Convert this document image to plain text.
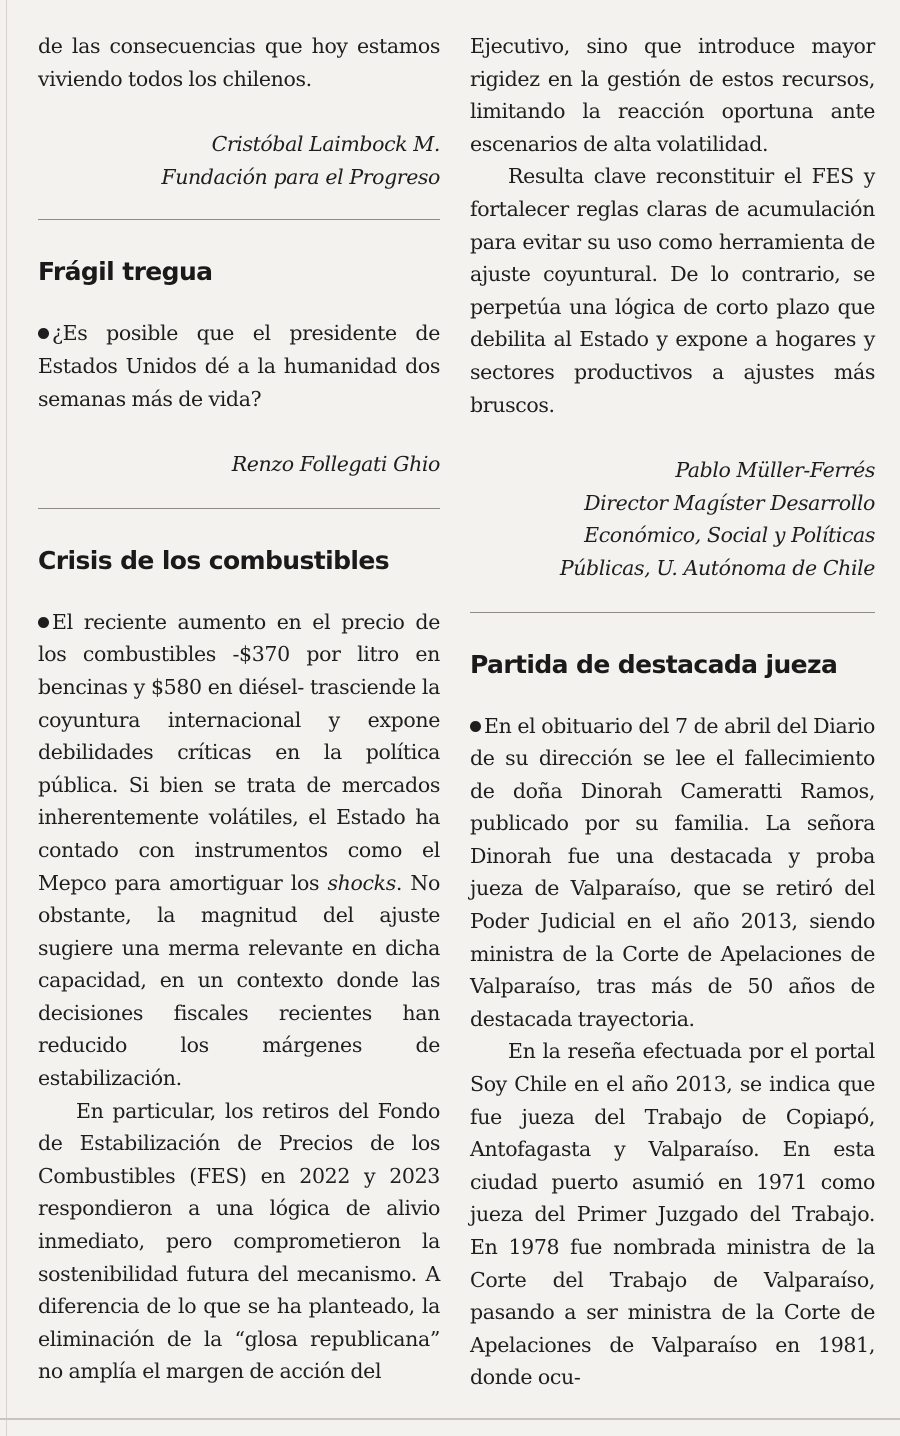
de las consecuencias que hoy estamos viviendo todos los chilenos.

Cristóbal Laimbock M.

Fundación para el Progreso

Frágil tregua

¿Es posible que el presidente de Estados Unidos dé a la humanidad dos semanas más de vida?

Renzo Follegati Ghio

Crisis de los combustibles

El reciente aumento en el precio de los combustibles -$370 por litro en bencinas y $580 en diésel- trasciende la coyuntura internacional y expone debilidades críticas en la política pública. Si bien se trata de mercados inherentemente volátiles, el Estado ha contado con instrumentos como el Mepco para amortiguar los shocks. No obstante, la magnitud del ajuste sugiere una merma relevante en dicha capacidad, en un contexto donde las decisiones fiscales recientes han reducido los márgenes de estabilización.

En particular, los retiros del Fondo de Estabilización de Precios de los Combustibles (FES) en 2022 y 2023 respondieron a una lógica de alivio inmediato, pero comprometieron la sostenibilidad futura del mecanismo. A diferencia de lo que se ha planteado, la eliminación de la “glosa republicana” no amplía el margen de acción del

Ejecutivo, sino que introduce mayor rigidez en la gestión de estos recursos, limitando la reacción oportuna ante escenarios de alta volatilidad.

Resulta clave reconstituir el FES y fortalecer reglas claras de acumulación para evitar su uso como herramienta de ajuste coyuntural. De lo contrario, se perpetúa una lógica de corto plazo que debilita al Estado y expone a hogares y sectores productivos a ajustes más bruscos.

Pablo Müller-Ferrés

Director Magíster Desarrollo

Económico, Social y Políticas

Públicas, U. Autónoma de Chile

Partida de destacada jueza

En el obituario del 7 de abril del Diario de su dirección se lee el fallecimiento de doña Dinorah Cameratti Ramos, publicado por su familia. La señora Dinorah fue una destacada y proba jueza de Valparaíso, que se retiró del Poder Judicial en el año 2013, siendo ministra de la Corte de Apelaciones de Valparaíso, tras más de 50 años de destacada trayectoria.

En la reseña efectuada por el portal Soy Chile en el año 2013, se indica que fue jueza del Trabajo de Copiapó, Antofagasta y Valparaíso. En esta ciudad puerto asumió en 1971 como jueza del Primer Juzgado del Trabajo. En 1978 fue nombrada ministra de la Corte del Trabajo de Valparaíso, pasando a ser ministra de la Corte de Apelaciones de Valparaíso en 1981, donde ocu-
